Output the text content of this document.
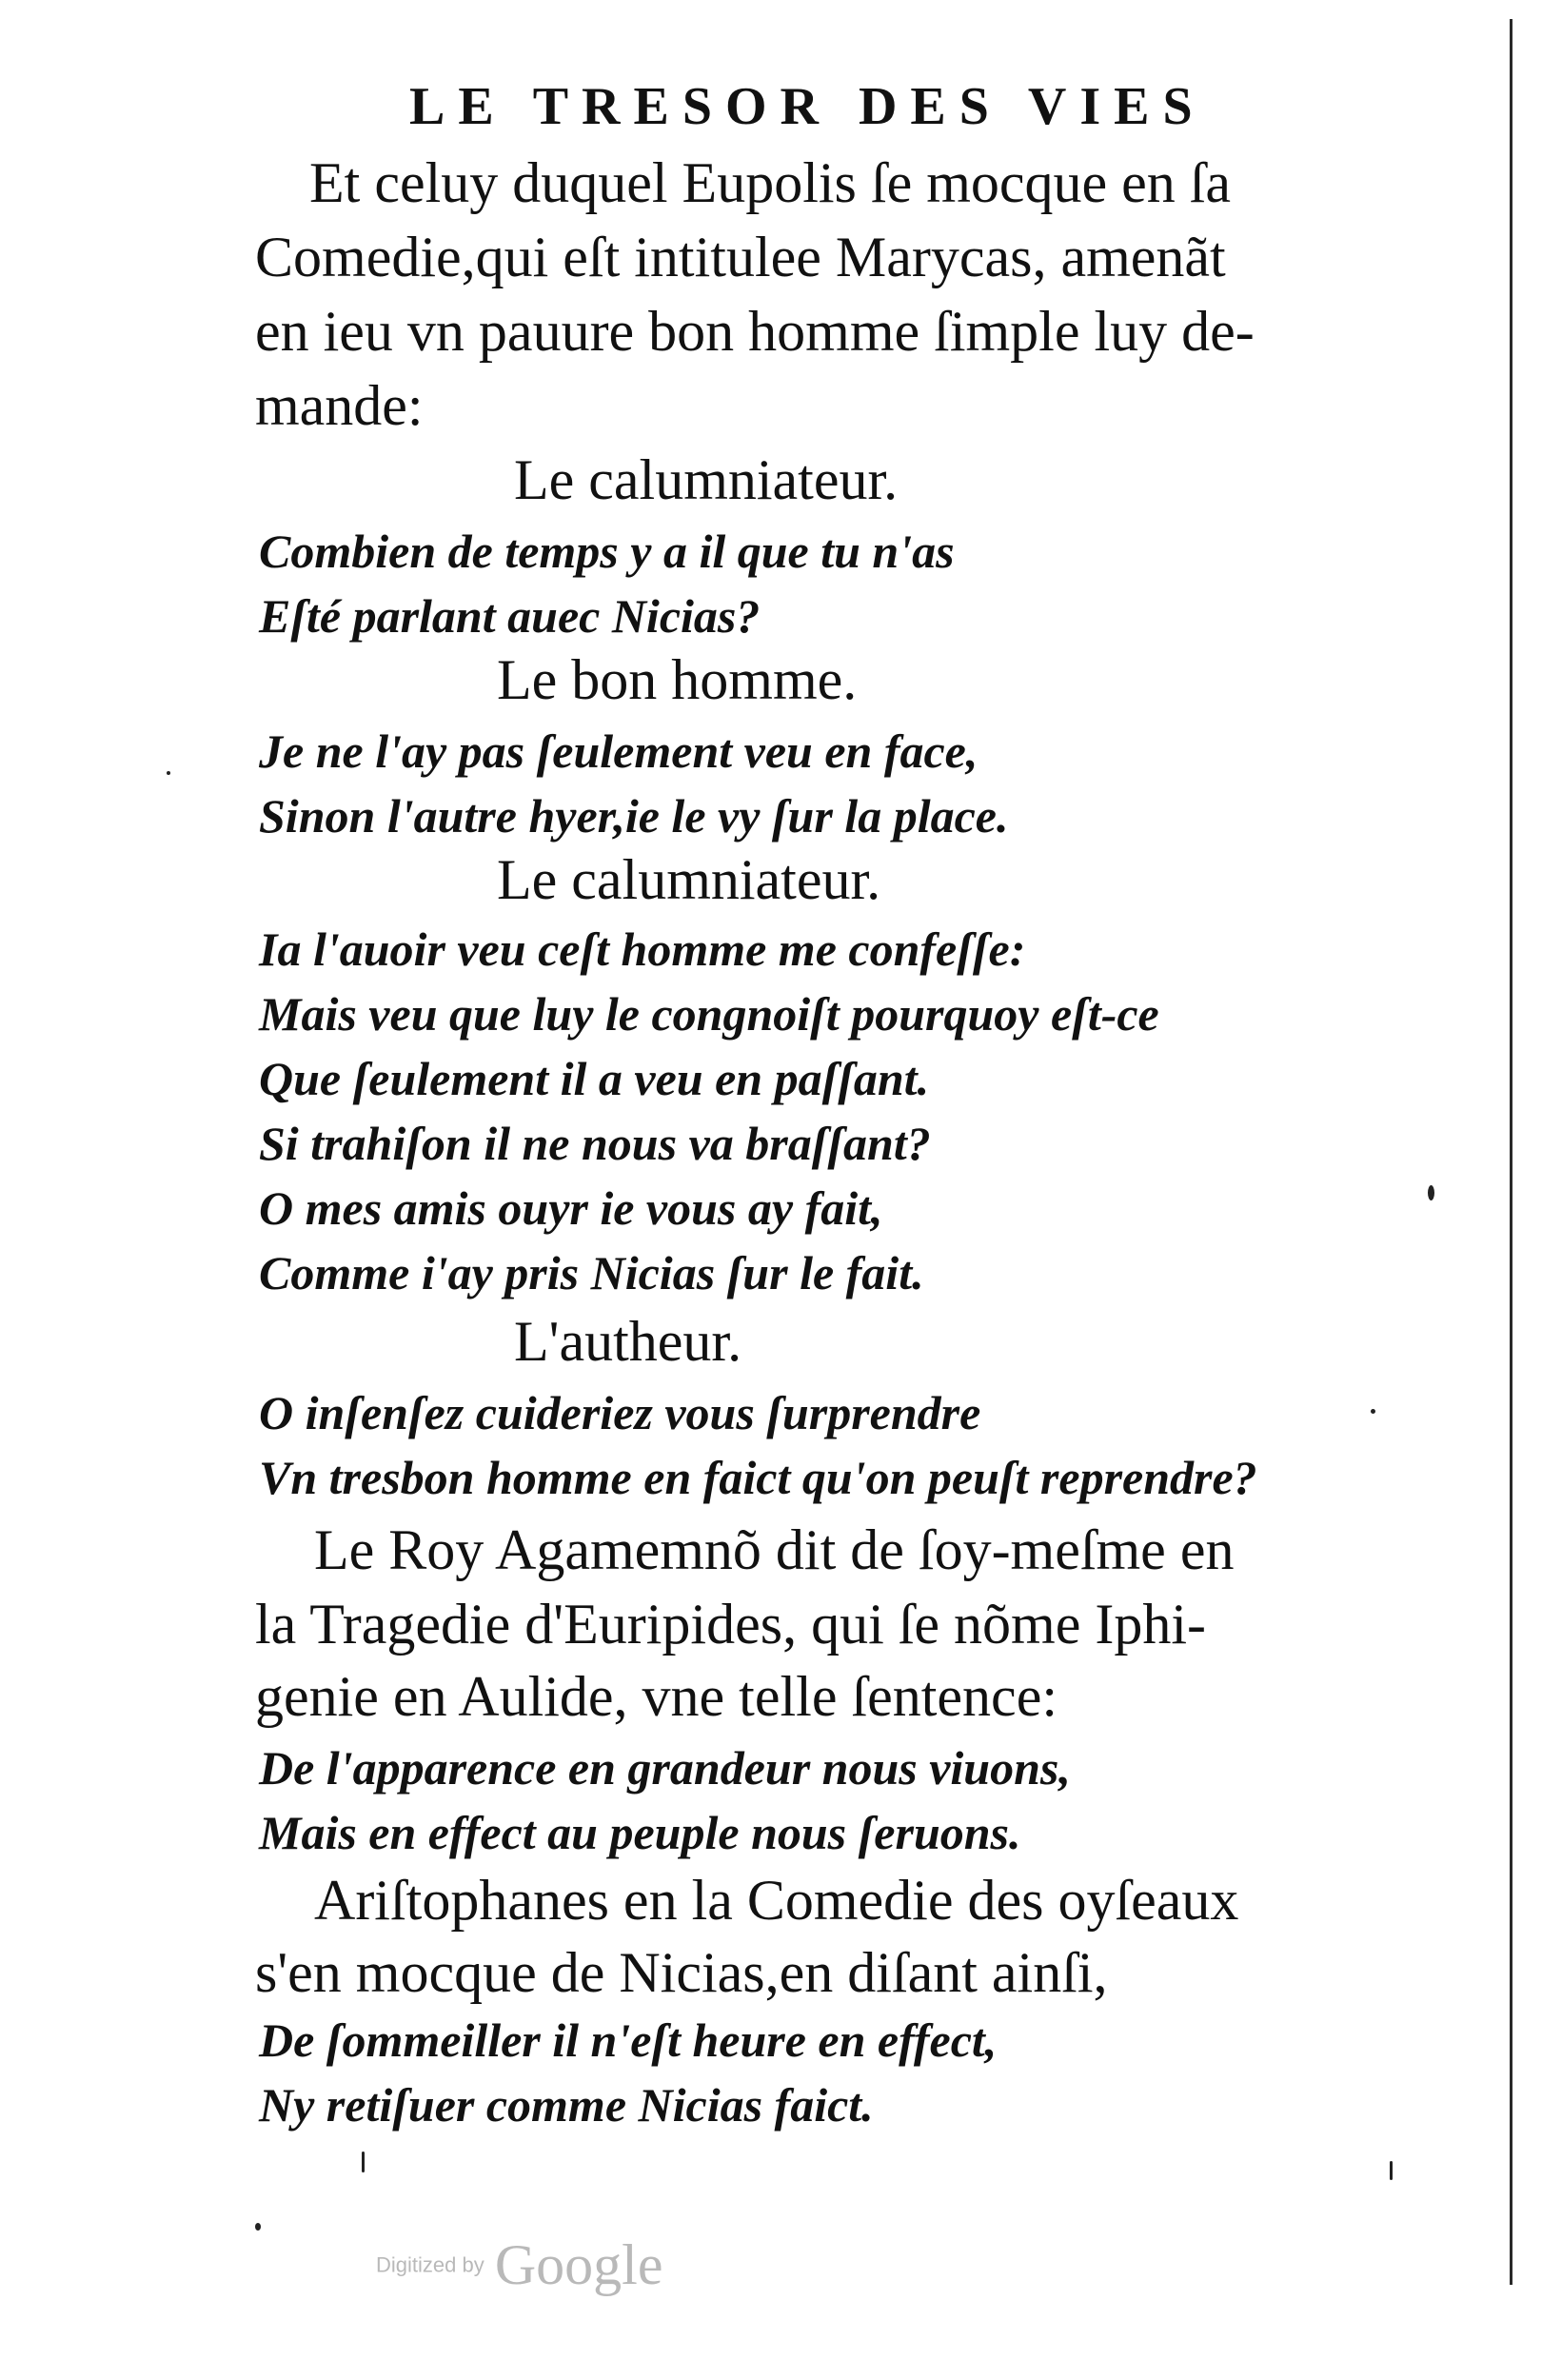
LE TRESOR DES VIES
Et celuy duquel Eupolis ſe mocque en ſa
Comedie,qui eſt intitulee Marycas, amenãt
en ieu vn pauure bon homme ſimple luy de-
mande:
Le calumniateur.
Combien de temps y a il que tu n'as
Eſté parlant auec Nicias?
Le bon homme.
Je ne l'ay pas ſeulement veu en face,
Sinon l'autre hyer,ie le vy ſur la place.
Le calumniateur.
Ia l'auoir veu ceſt homme me confeſſe:
Mais veu que luy le congnoiſt pourquoy eſt-ce
Que ſeulement il a veu en paſſant.
Si trahiſon il ne nous va braſſant?
O mes amis ouyr ie vous ay fait,
Comme i'ay pris Nicias ſur le fait.
L'autheur.
O inſenſez cuideriez vous ſurprendre
Vn tresbon homme en faict qu'on peuſt reprendre?
Le Roy Agamemnõ dit de ſoy-meſme en
la Tragedie d'Euripides, qui ſe nõme Iphi-
genie en Aulide, vne telle ſentence:
De l'apparence en grandeur nous viuons,
Mais en effect au peuple nous ſeruons.
Ariſtophanes en la Comedie des oyſeaux
s'en mocque de Nicias,en diſant ainſi,
De ſommeiller il n'eſt heure en effect,
Ny retiſuer comme Nicias faict.
Digitized by Google
